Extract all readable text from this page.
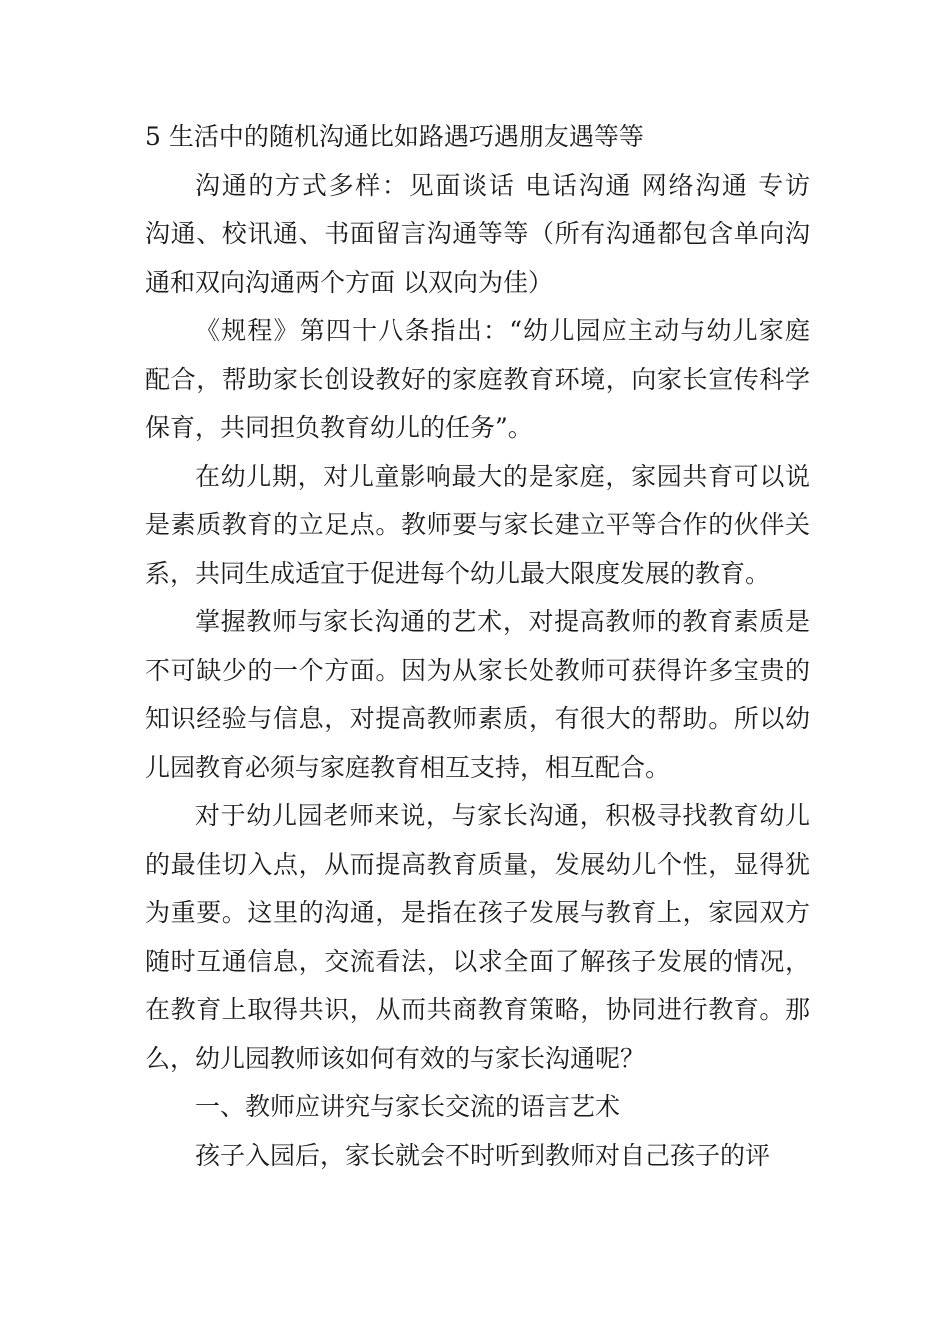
5 生活中的随机沟通比如路遇巧遇朋友遇等等
沟通的方式多样：见面谈话 电话沟通 网络沟通 专访
沟通、校讯通、书面留言沟通等等（所有沟通都包含单向沟
通和双向沟通两个方面 以双向为佳）
《规程》第四十八条指出：“幼儿园应主动与幼儿家庭
配合，帮助家长创设教好的家庭教育环境，向家长宣传科学
保育，共同担负教育幼儿的任务”。
在幼儿期，对儿童影响最大的是家庭，家园共育可以说
是素质教育的立足点。教师要与家长建立平等合作的伙伴关
系，共同生成适宜于促进每个幼儿最大限度发展的教育。
掌握教师与家长沟通的艺术，对提高教师的教育素质是
不可缺少的一个方面。因为从家长处教师可获得许多宝贵的
知识经验与信息，对提高教师素质，有很大的帮助。所以幼
儿园教育必须与家庭教育相互支持，相互配合。
对于幼儿园老师来说，与家长沟通，积极寻找教育幼儿
的最佳切入点，从而提高教育质量，发展幼儿个性，显得犹
为重要。这里的沟通，是指在孩子发展与教育上，家园双方
随时互通信息，交流看法，以求全面了解孩子发展的情况，
在教育上取得共识，从而共商教育策略，协同进行教育。那
么，幼儿园教师该如何有效的与家长沟通呢？
一、教师应讲究与家长交流的语言艺术
孩子入园后，家长就会不时听到教师对自己孩子的评
